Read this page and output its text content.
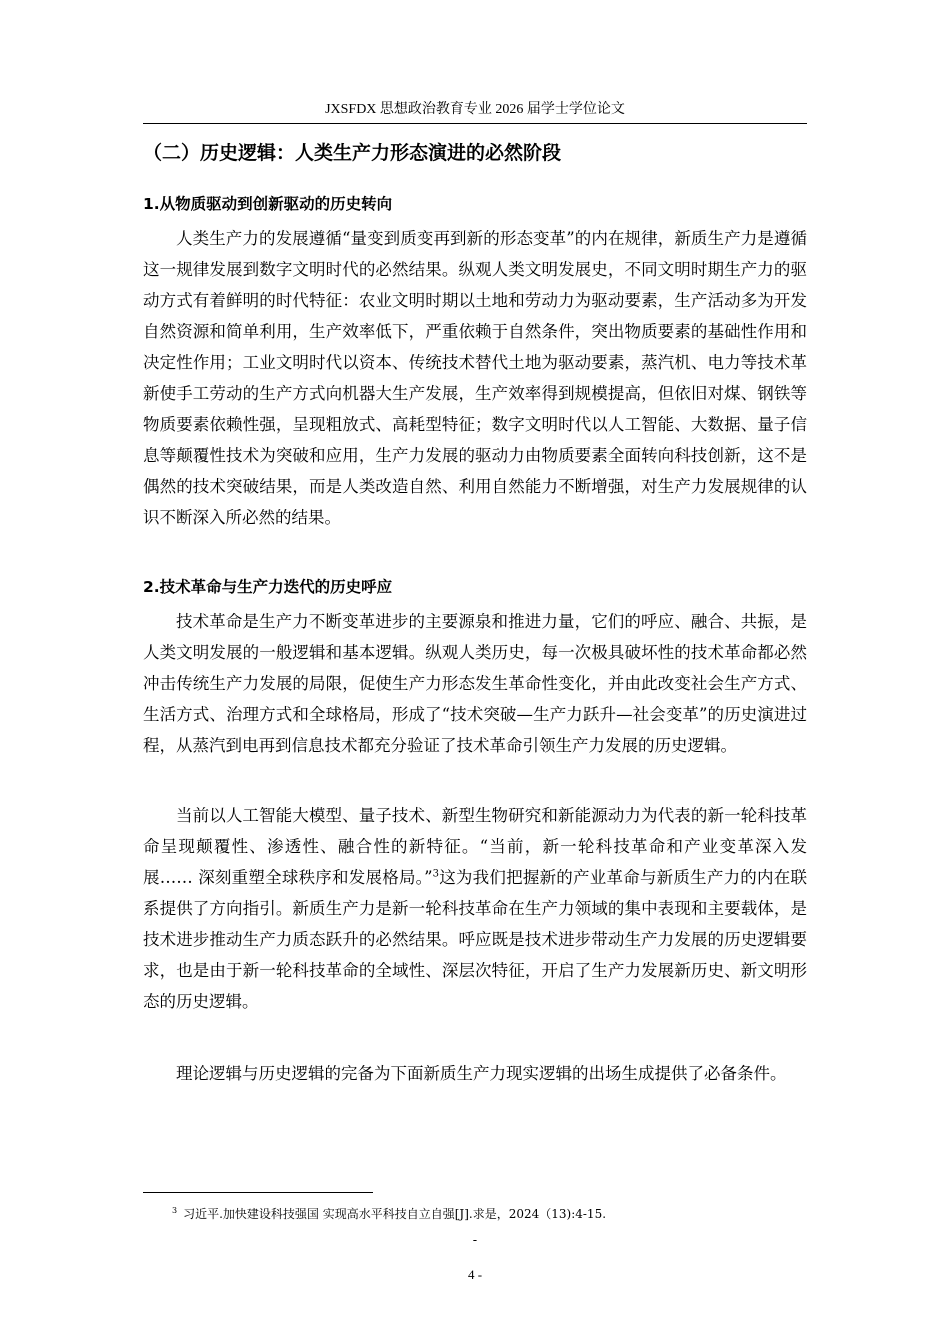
JXSFDX 思想政治教育专业 2026 届学士学位论文
（二）历史逻辑：人类生产力形态演进的必然阶段
1.从物质驱动到创新驱动的历史转向

人类生产力的发展遵循“量变到质变再到新的形态变革”的内在规律，新质生产力是遵循这一规律发展到数字文明时代的必然结果。纵观人类文明发展史，不同文明时期生产力的驱动方式有着鲜明的时代特征：农业文明时期以土地和劳动力为驱动要素，生产活动多为开发自然资源和简单利用，生产效率低下，严重依赖于自然条件，突出物质要素的基础性作用和决定性作用；工业文明时代以资本、传统技术替代土地为驱动要素，蒸汽机、电力等技术革新使手工劳动的生产方式向机器大生产发展，生产效率得到规模提高，但依旧对煤、钢铁等物质要素依赖性强，呈现粗放式、高耗型特征；数字文明时代以人工智能、大数据、量子信息等颠覆性技术为突破和应用，生产力发展的驱动力由物质要素全面转向科技创新，这不是偶然的技术突破结果，而是人类改造自然、利用自然能力不断增强，对生产力发展规律的认识不断深入所必然的结果。

2.技术革命与生产力迭代的历史呼应

技术革命是生产力不断变革进步的主要源泉和推进力量，它们的呼应、融合、共振，是人类文明发展的一般逻辑和基本逻辑。纵观人类历史，每一次极具破坏性的技术革命都必然冲击传统生产力发展的局限，促使生产力形态发生革命性变化，并由此改变社会生产方式、生活方式、治理方式和全球格局，形成了“技术突破—生产力跃升—社会变革”的历史演进过程，从蒸汽到电再到信息技术都充分验证了技术革命引领生产力发展的历史逻辑。

当前以人工智能大模型、量子技术、新型生物研究和新能源动力为代表的新一轮科技革命呈现颠覆性、渗透性、融合性的新特征。“当前，新一轮科技革命和产业变革深入发展…… 深刻重塑全球秩序和发展格局。”$^3$这为我们把握新的产业革命与新质生产力的内在联系提供了方向指引。新质生产力是新一轮科技革命在生产力领域的集中表现和主要载体，是技术进步推动生产力质态跃升的必然结果。呼应既是技术进步带动生产力发展的历史逻辑要求，也是由于新一轮科技革命的全域性、深层次特征，开启了生产力发展新历史、新文明形态的历史逻辑。

理论逻辑与历史逻辑的完备为下面新质生产力现实逻辑的出场生成提供了必备条件。

$^3$ 习近平.加快建设科技强国 实现高水平科技自立自强[J].求是，2024（13):4-15.
-
4 -
